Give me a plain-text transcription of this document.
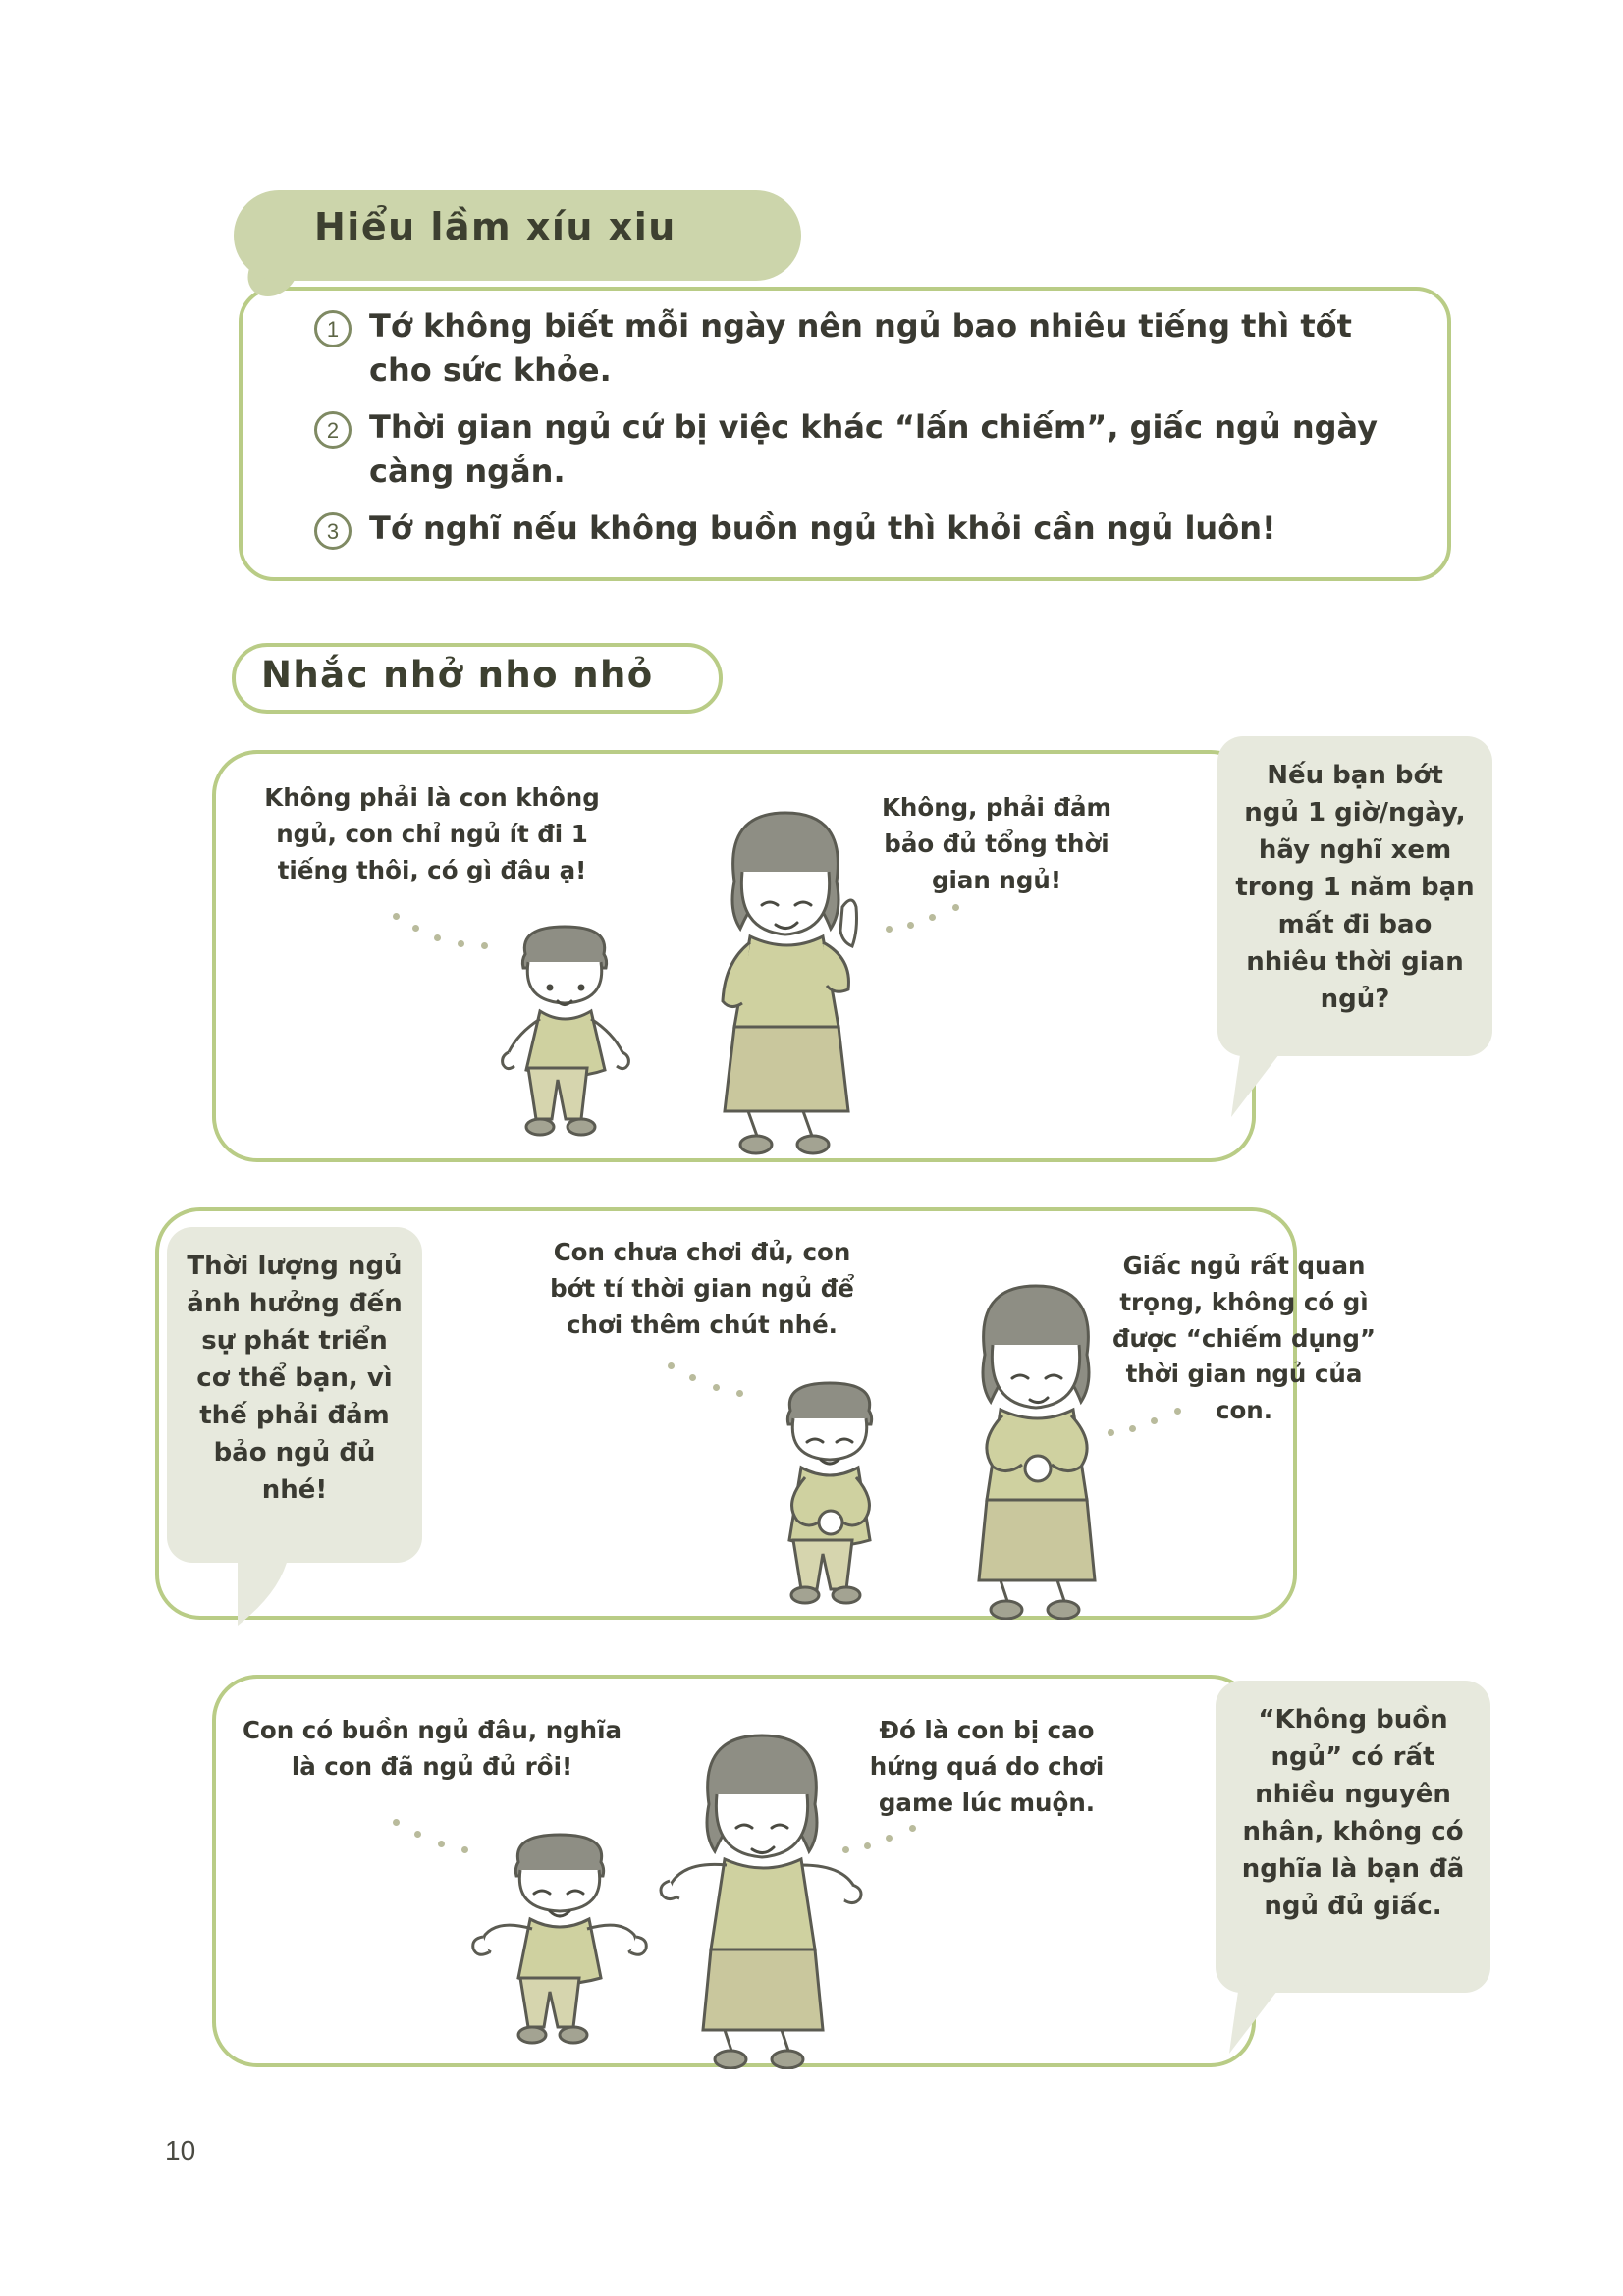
Hiểu lầm xíu xiu
1 Tớ không biết mỗi ngày nên ngủ bao nhiêu tiếng thì tốt cho sức khỏe.
2 Thời gian ngủ cứ bị việc khác “lấn chiếm”, giấc ngủ ngày càng ngắn.
3 Tớ nghĩ nếu không buồn ngủ thì khỏi cần ngủ luôn!
Nhắc nhở nho nhỏ
Không phải là con không ngủ, con chỉ ngủ ít đi 1 tiếng thôi, có gì đâu ạ!
Không, phải đảm bảo đủ tổng thời gian ngủ!
Nếu bạn bớt ngủ 1 giờ/ngày, hãy nghĩ xem trong 1 năm bạn mất đi bao nhiêu thời gian ngủ?
Con chưa chơi đủ, con bớt tí thời gian ngủ để chơi thêm chút nhé.
Giấc ngủ rất quan trọng, không có gì được “chiếm dụng” thời gian ngủ của con.
Thời lượng ngủ ảnh hưởng đến sự phát triển cơ thể bạn, vì thế phải đảm bảo ngủ đủ nhé!
Con có buồn ngủ đâu, nghĩa là con đã ngủ đủ rồi!
Đó là con bị cao hứng quá do chơi game lúc muộn.
“Không buồn ngủ” có rất nhiều nguyên nhân, không có nghĩa là bạn đã ngủ đủ giấc.
10
